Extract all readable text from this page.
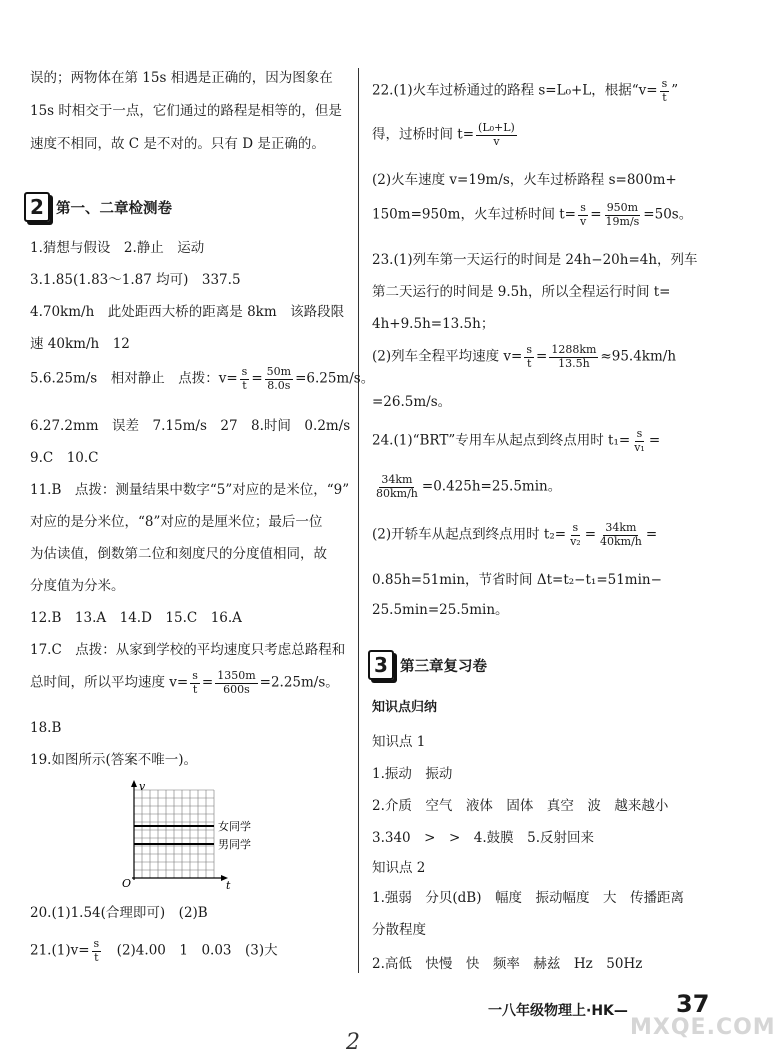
误的；两物体在第 15s 相遇是正确的，因为图象在
15s 时相交于一点，它们通过的路程是相等的，但是
速度不相同，故 C 是不对的。只有 D 是正确的。
2 第一、二章检测卷
1.猜想与假设　2.静止　运动
3.1.85(1.83～1.87 均可)　337.5
4.70km/h　此处距西大桥的距离是 8km　该路段限
速 40km/h　12
5.6.25m/s　相对静止　点拨：$v= \frac{s}{t} = \frac{50m}{8.0s} =6.25m/s$。
6.27.2mm　误差　7.15m/s　27　8.时间　0.2m/s
9.C　10.C
11.B　点拨：测量结果中数字“5”对应的是米位，“9”
对应的是分米位，“8”对应的是厘米位；最后一位
为估读值，倒数第二位和刻度尺的分度值相同，故
分度值为分米。
12.B　13.A　14.D　15.C　16.A
17.C　点拨：从家到学校的平均速度只考虑总路程和
总时间，所以平均速度 $v= \frac{s}{t} = \frac{1350m}{600s} =2.25m/s$。
18.B
19.如图所示(答案不唯一)。
20.(1)1.54(合理即可)　(2)B
$21.(1)v= \frac{s}{t}$ 　(2)4.00　1　0.03　(3)大
v
t
O
女同学
男同学
22.(1)火车过桥通过的路程 s=L₀+L，根据“$v= \frac{s}{t}$ ”
得，过桥时间 $t= \frac{\text{(L₀+L)}}{v}$
(2)火车速度 v=19m/s，火车过桥路程 s=800m+
150m=950m，火车过桥时间 $t= \frac{s}{v} = \frac{950m}{19m/s} =50s$。
23.(1)列车第一天运行的时间是 24h−20h=4h，列车
第二天运行的时间是 9.5h，所以全程运行时间 t=
4h+9.5h=13.5h；
(2)列车全程平均速度 $v= \frac{s}{t} = \frac{1288km}{13.5h} \approx 95.4km/h$
=26.5m/s。
24.(1)“BRT”专用车从起点到终点用时 $t_1= \frac{s}{\text{v₁}}$ =
$\frac{34km}{80km/h} =0.425h=25.5\min$。
(2)开轿车从起点到终点用时 $t_2= \frac{s}{\text{v₂}} = \frac{34km}{40km/h}$ =
0.85h=51min，节省时间 Δt=t₂−t₁=51min−
25.5min=25.5min。
3 第三章复习卷
知识点归纳
知识点 1
1.振动　振动
2.介质　空气　液体　固体　真空　波　越来越小
3.340　>　>　4.鼓膜　5.反射回来
知识点 2
1.强弱　分贝(dB)　幅度　振动幅度　大　传播距离
分散程度
2.高低　快慢　快　频率　赫兹　Hz　50Hz
一八年级物理上·HK— 37
MXQE.COM
2
